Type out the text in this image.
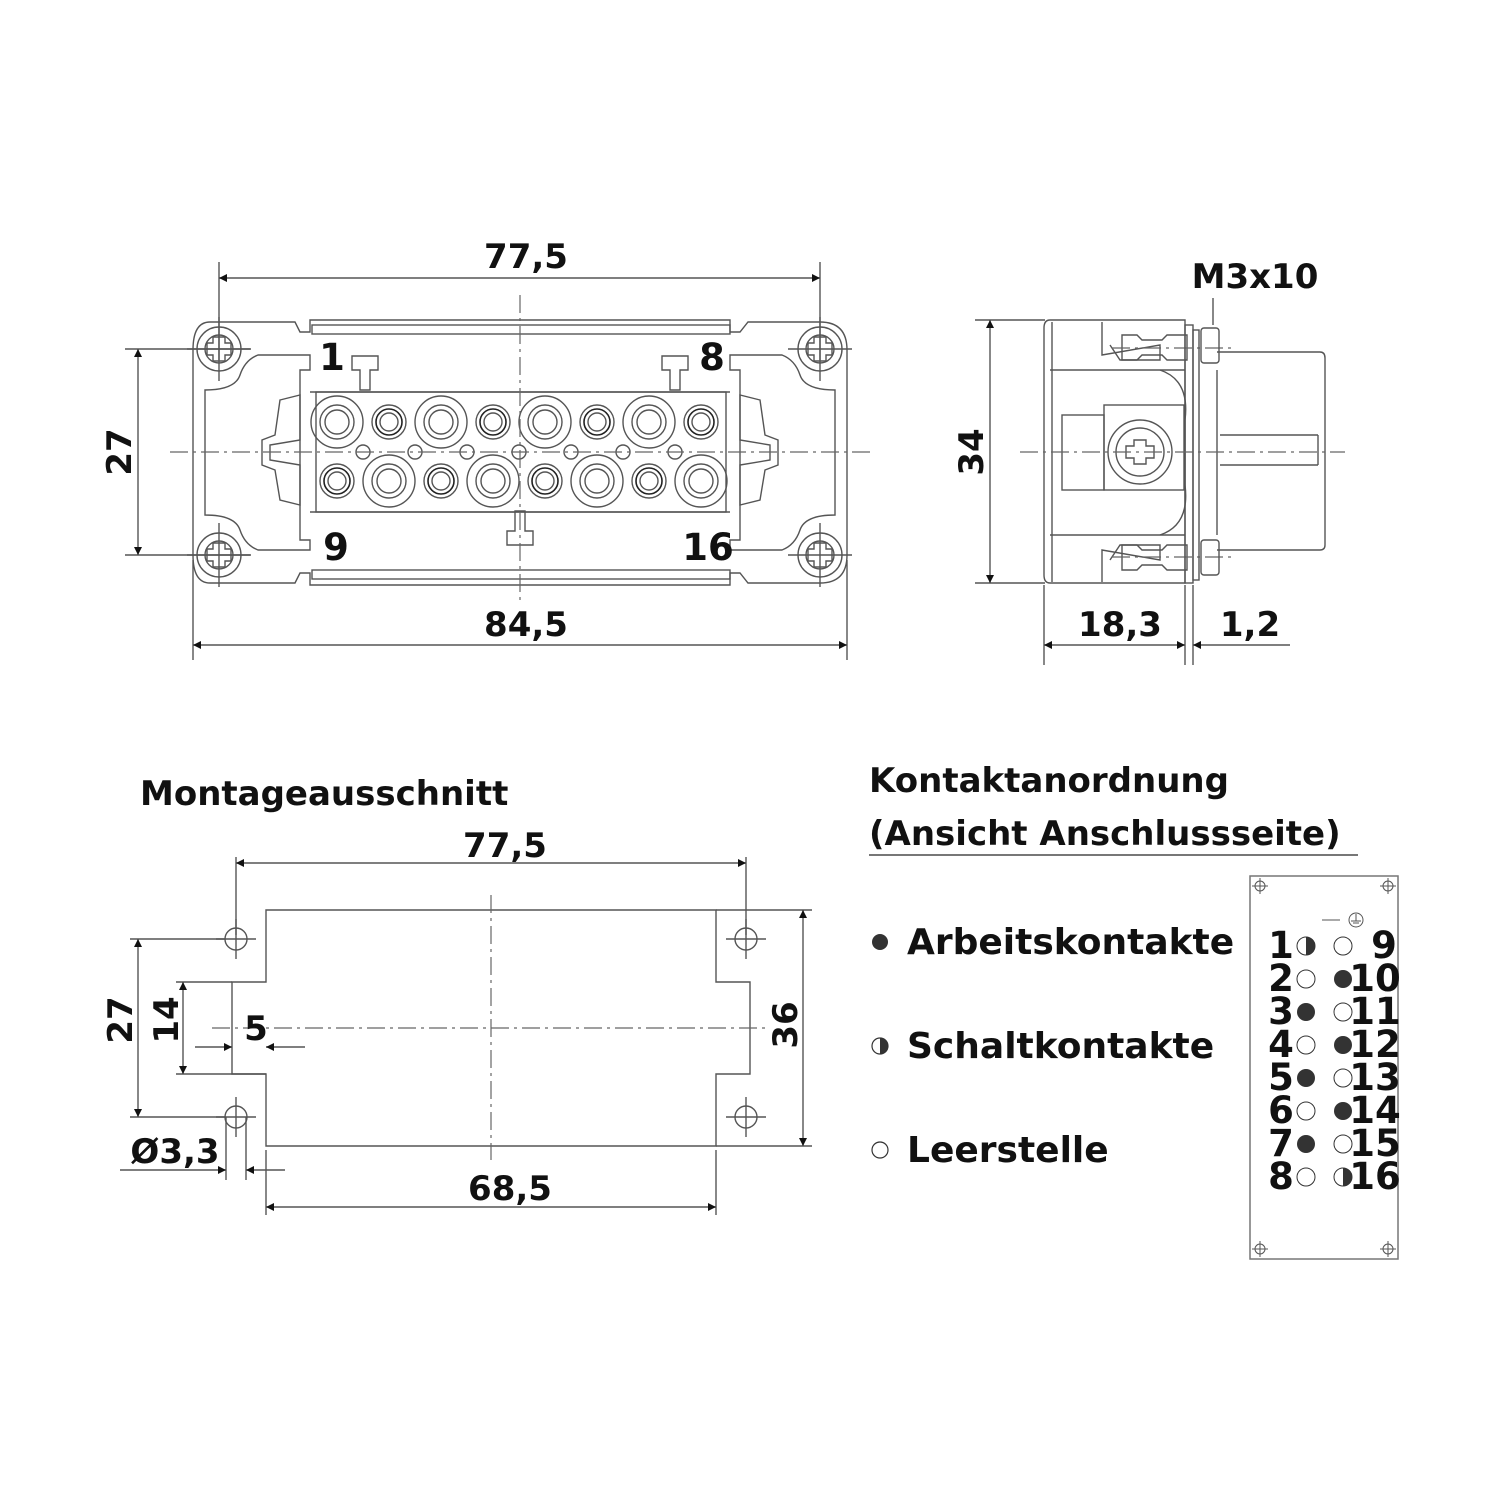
77,5
84,5
27
1	8
9	16
M3x10
34
18,3 1,2
Montageausschnitt
77,5
27 14 5
Ø3,3
68,5
36
Kontaktanordnung
(Ansicht Anschlussseite)
Arbeitskontakte
Schaltkontakte
Leerstelle
1
2
3
4
5
6
7
8
9
10
11
12
13
14
15
16
